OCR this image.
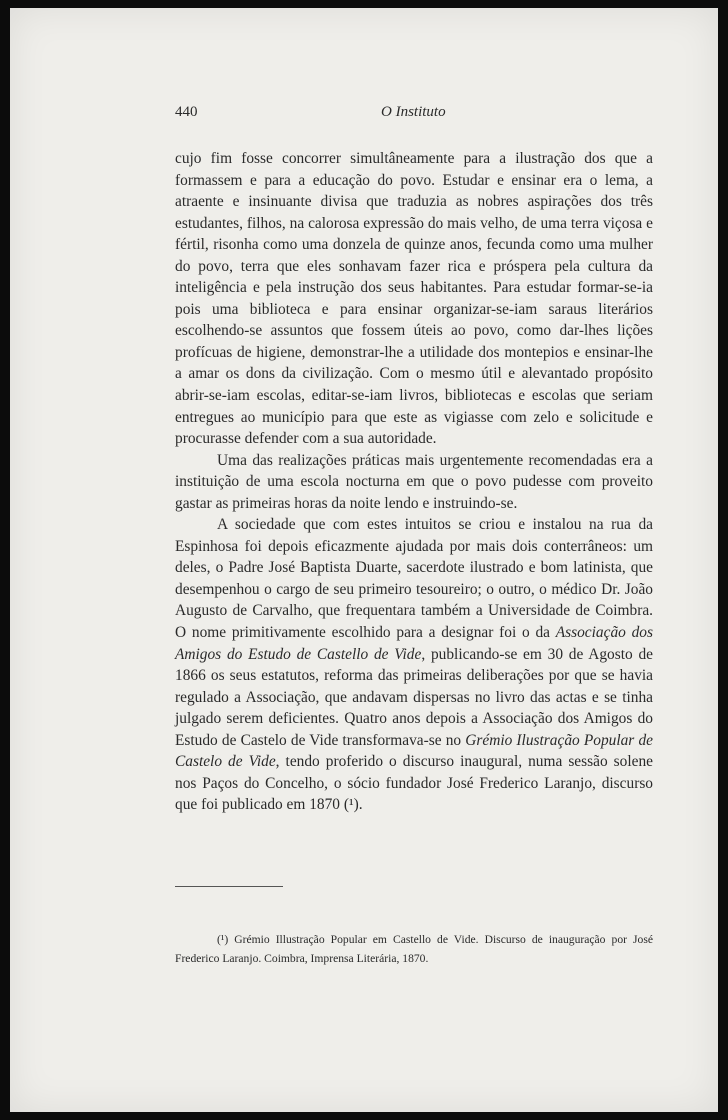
440	O Instituto

cujo fim fosse concorrer simultâneamente para a ilustração dos que a formassem e para a educação do povo. Estudar e ensinar era o lema, a atraente e insinuante divisa que traduzia as nobres aspirações dos três estudantes, filhos, na calorosa expressão do mais velho, de uma terra viçosa e fértil, risonha como uma donzela de quinze anos, fecunda como uma mulher do povo, terra que eles sonhavam fazer rica e próspera pela cultura da inteligência e pela instrução dos seus habitantes. Para estudar formar-se-ia pois uma biblioteca e para ensinar organizar-se-iam saraus literários escolhendo-se assuntos que fossem úteis ao povo, como dar-lhes lições profícuas de higiene, demonstrar-lhe a utilidade dos montepios e ensinar-lhe a amar os dons da civilização. Com o mesmo útil e alevantado propósito abrir-se-iam escolas, editar-se-iam livros, bibliotecas e escolas que seriam entregues ao município para que este as vigiasse com zelo e solicitude e procurasse defender com a sua autoridade.

Uma das realizações práticas mais urgentemente recomendadas era a instituição de uma escola nocturna em que o povo pudesse com proveito gastar as primeiras horas da noite lendo e instruindo-se.

A sociedade que com estes intuitos se criou e instalou na rua da Espinhosa foi depois eficazmente ajudada por mais dois conterrâneos: um deles, o Padre José Baptista Duarte, sacerdote ilustrado e bom latinista, que desempenhou o cargo de seu primeiro tesoureiro; o outro, o médico Dr. João Augusto de Carvalho, que frequentara também a Universidade de Coimbra. O nome primitivamente escolhido para a designar foi o da Associação dos Amigos do Estudo de Castello de Vide, publicando-se em 30 de Agosto de 1866 os seus estatutos, reforma das primeiras deliberações por que se havia regulado a Associação, que andavam dispersas no livro das actas e se tinha julgado serem deficientes. Quatro anos depois a Associação dos Amigos do Estudo de Castelo de Vide transformava-se no Grémio Ilustração Popular de Castelo de Vide, tendo proferido o discurso inaugural, numa sessão solene nos Paços do Concelho, o sócio fundador José Frederico Laranjo, discurso que foi publicado em 1870 (¹).

(¹) Grémio Illustração Popular em Castello de Vide. Discurso de inauguração por José Frederico Laranjo. Coimbra, Imprensa Literária, 1870.
